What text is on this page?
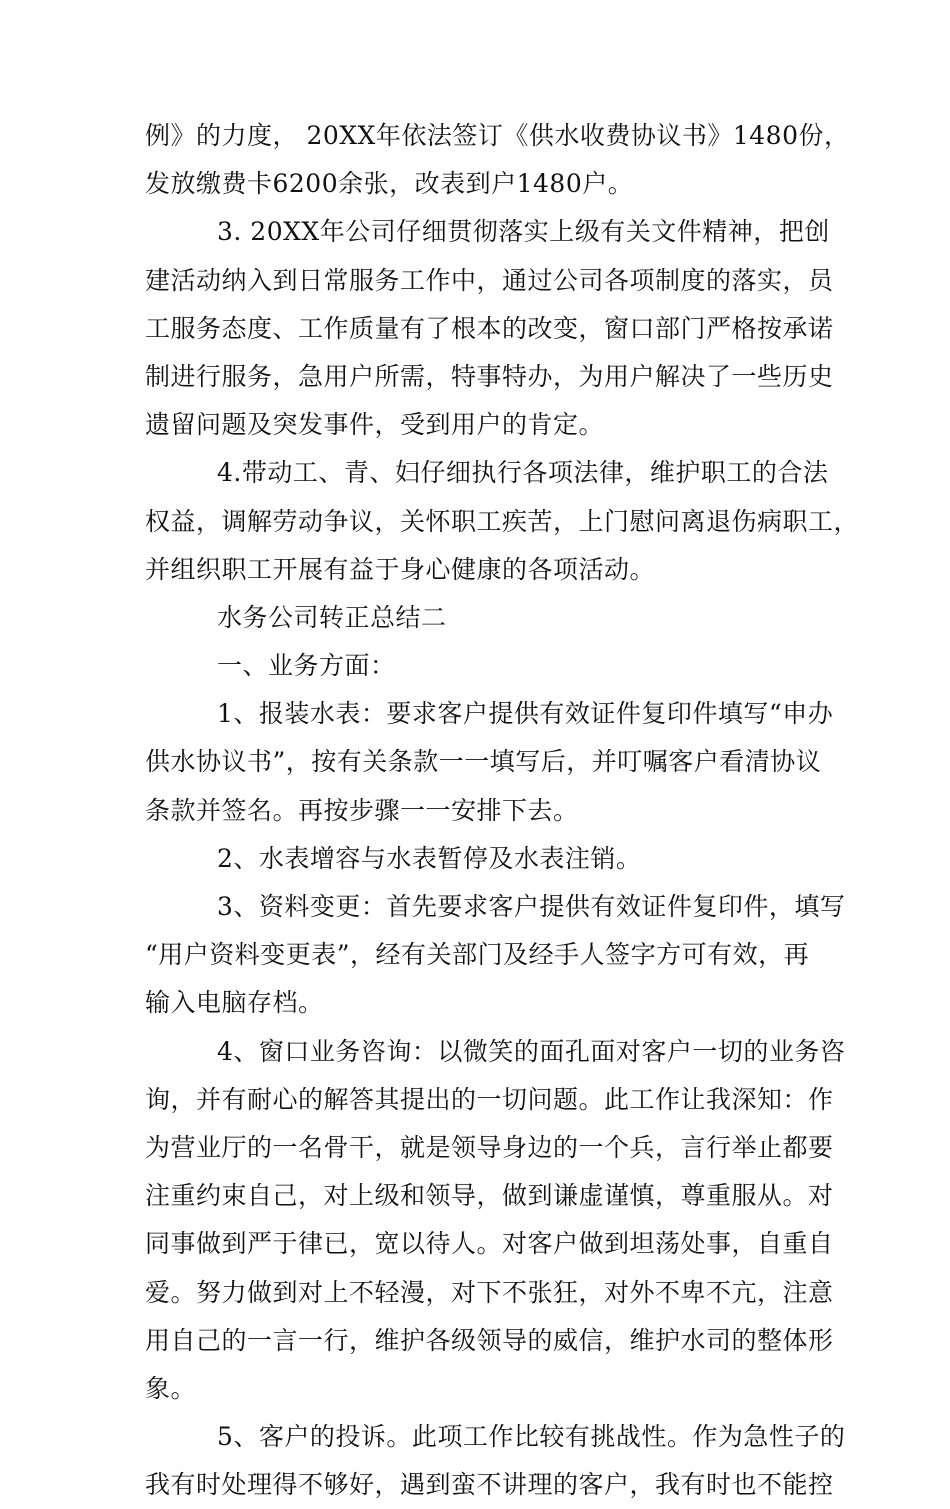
例》的力度， 20XX年依法签订《供水收费协议书》1480份，
发放缴费卡6200余张，改表到户1480户。
3. 20XX年公司仔细贯彻落实上级有关文件精神，把创
建活动纳入到日常服务工作中，通过公司各项制度的落实，员
工服务态度、工作质量有了根本的改变，窗口部门严格按承诺
制进行服务，急用户所需，特事特办，为用户解决了一些历史
遗留问题及突发事件，受到用户的肯定。
4.带动工、青、妇仔细执行各项法律，维护职工的合法
权益，调解劳动争议，关怀职工疾苦，上门慰问离退伤病职工，
并组织职工开展有益于身心健康的各项活动。
水务公司转正总结二
一、业务方面：
1、报装水表：要求客户提供有效证件复印件填写“申办
供水协议书”，按有关条款一一填写后，并叮嘱客户看清协议
条款并签名。再按步骤一一安排下去。
2、水表增容与水表暂停及水表注销。
3、资料变更：首先要求客户提供有效证件复印件，填写
“用户资料变更表”，经有关部门及经手人签字方可有效，再
输入电脑存档。
4、窗口业务咨询：以微笑的面孔面对客户一切的业务咨
询，并有耐心的解答其提出的一切问题。此工作让我深知：作
为营业厅的一名骨干，就是领导身边的一个兵，言行举止都要
注重约束自己，对上级和领导，做到谦虚谨慎，尊重服从。对
同事做到严于律已，宽以待人。对客户做到坦荡处事，自重自
爱。努力做到对上不轻漫，对下不张狂，对外不卑不亢，注意
用自己的一言一行，维护各级领导的威信，维护水司的整体形
象。
5、客户的投诉。此项工作比较有挑战性。作为急性子的
我有时处理得不够好，遇到蛮不讲理的客户，我有时也不能控
